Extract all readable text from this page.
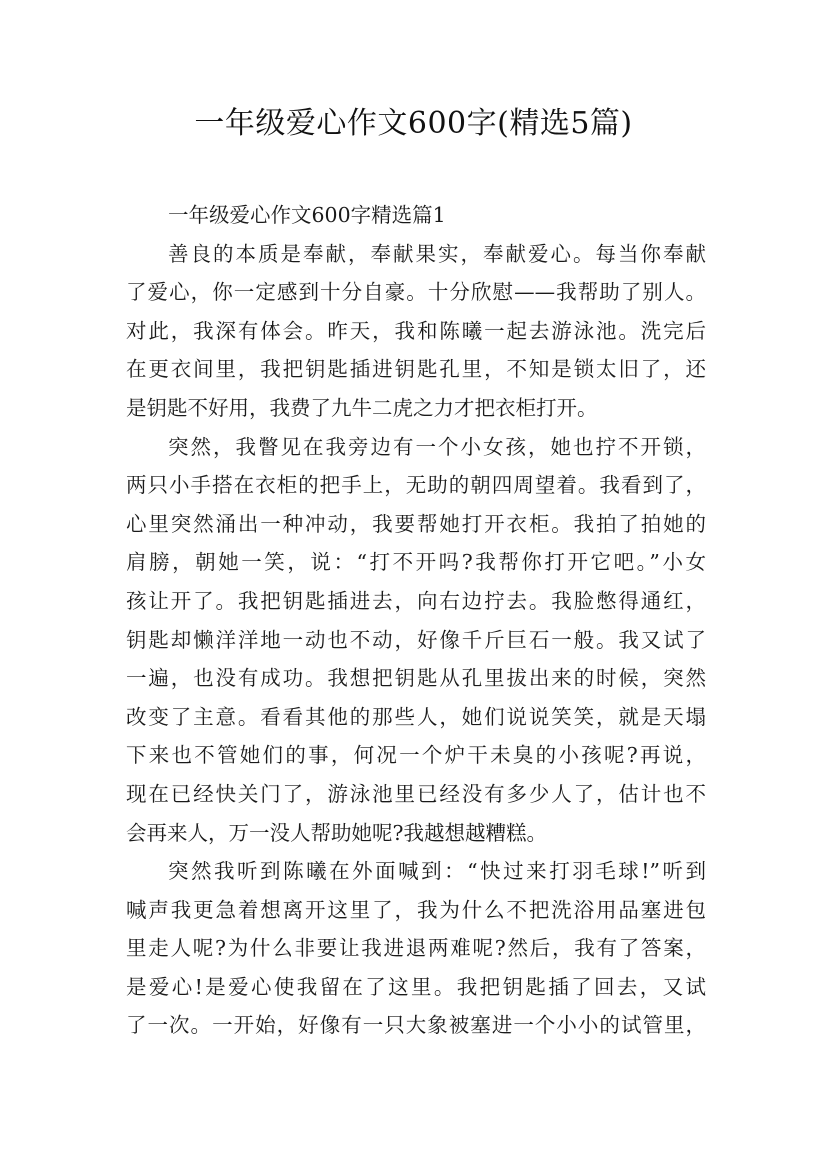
一年级爱心作文600字(精选5篇)
一年级爱心作文600字精选篇1
善良的本质是奉献，奉献果实，奉献爱心。每当你奉献
了爱心，你一定感到十分自豪。十分欣慰——我帮助了别人。
对此，我深有体会。昨天，我和陈曦一起去游泳池。洗完后
在更衣间里，我把钥匙插进钥匙孔里，不知是锁太旧了，还
是钥匙不好用，我费了九牛二虎之力才把衣柜打开。
突然，我瞥见在我旁边有一个小女孩，她也拧不开锁，
两只小手搭在衣柜的把手上，无助的朝四周望着。我看到了，
心里突然涌出一种冲动，我要帮她打开衣柜。我拍了拍她的
肩膀，朝她一笑，说：“打不开吗?我帮你打开它吧。”小女
孩让开了。我把钥匙插进去，向右边拧去。我脸憋得通红，
钥匙却懒洋洋地一动也不动，好像千斤巨石一般。我又试了
一遍，也没有成功。我想把钥匙从孔里拔出来的时候，突然
改变了主意。看看其他的那些人，她们说说笑笑，就是天塌
下来也不管她们的事，何况一个炉干未臭的小孩呢?再说，
现在已经快关门了，游泳池里已经没有多少人了，估计也不
会再来人，万一没人帮助她呢?我越想越糟糕。
突然我听到陈曦在外面喊到：“快过来打羽毛球!”听到
喊声我更急着想离开这里了，我为什么不把洗浴用品塞进包
里走人呢?为什么非要让我进退两难呢?然后，我有了答案，
是爱心!是爱心使我留在了这里。我把钥匙插了回去，又试
了一次。一开始，好像有一只大象被塞进一个小小的试管里，
